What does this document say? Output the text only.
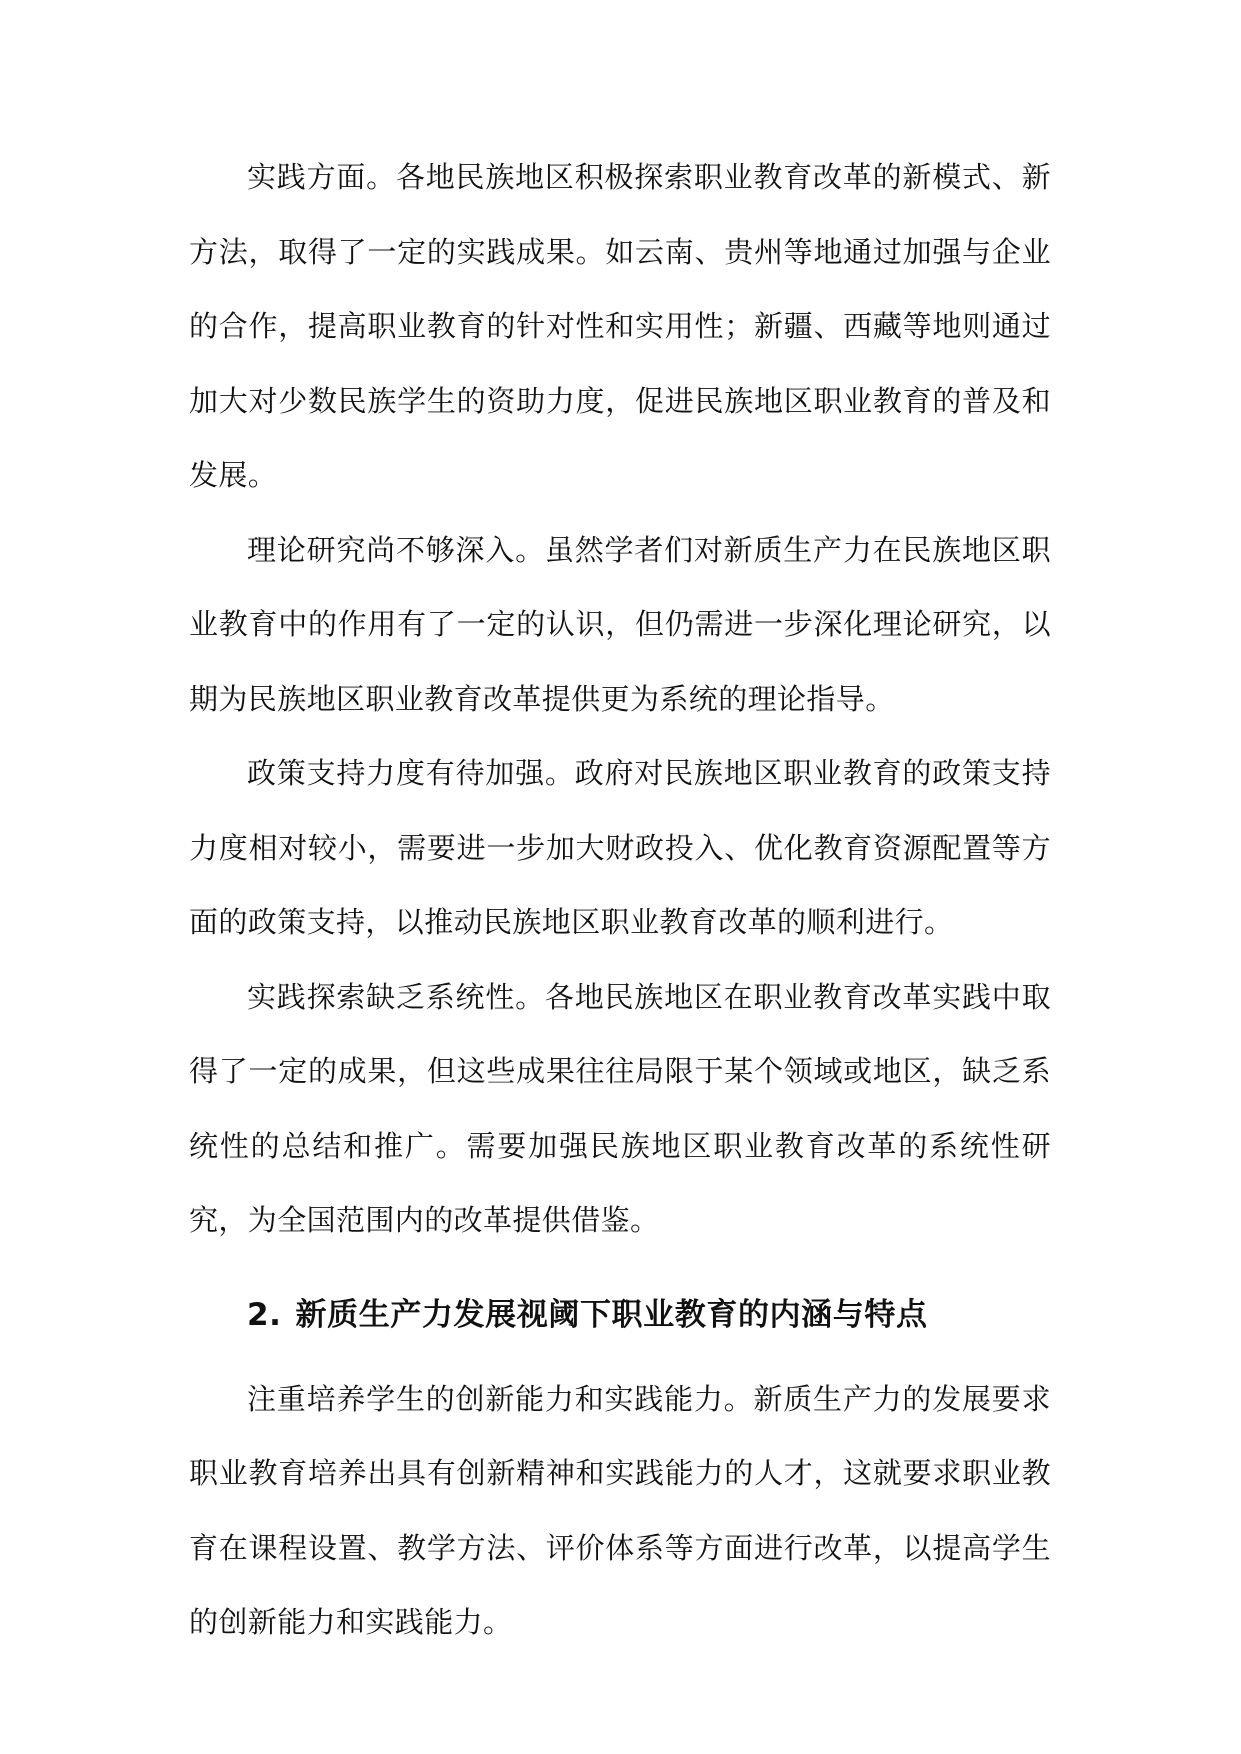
实践方面。各地民族地区积极探索职业教育改革的新模式、新方法，取得了一定的实践成果。如云南、贵州等地通过加强与企业的合作，提高职业教育的针对性和实用性；新疆、西藏等地则通过加大对少数民族学生的资助力度，促进民族地区职业教育的普及和发展。

理论研究尚不够深入。虽然学者们对新质生产力在民族地区职业教育中的作用有了一定的认识，但仍需进一步深化理论研究，以期为民族地区职业教育改革提供更为系统的理论指导。

政策支持力度有待加强。政府对民族地区职业教育的政策支持力度相对较小，需要进一步加大财政投入、优化教育资源配置等方面的政策支持，以推动民族地区职业教育改革的顺利进行。

实践探索缺乏系统性。各地民族地区在职业教育改革实践中取得了一定的成果，但这些成果往往局限于某个领域或地区，缺乏系统性的总结和推广。需要加强民族地区职业教育改革的系统性研究，为全国范围内的改革提供借鉴。

2. 新质生产力发展视阈下职业教育的内涵与特点

注重培养学生的创新能力和实践能力。新质生产力的发展要求职业教育培养出具有创新精神和实践能力的人才，这就要求职业教育在课程设置、教学方法、评价体系等方面进行改革，以提高学生的创新能力和实践能力。
